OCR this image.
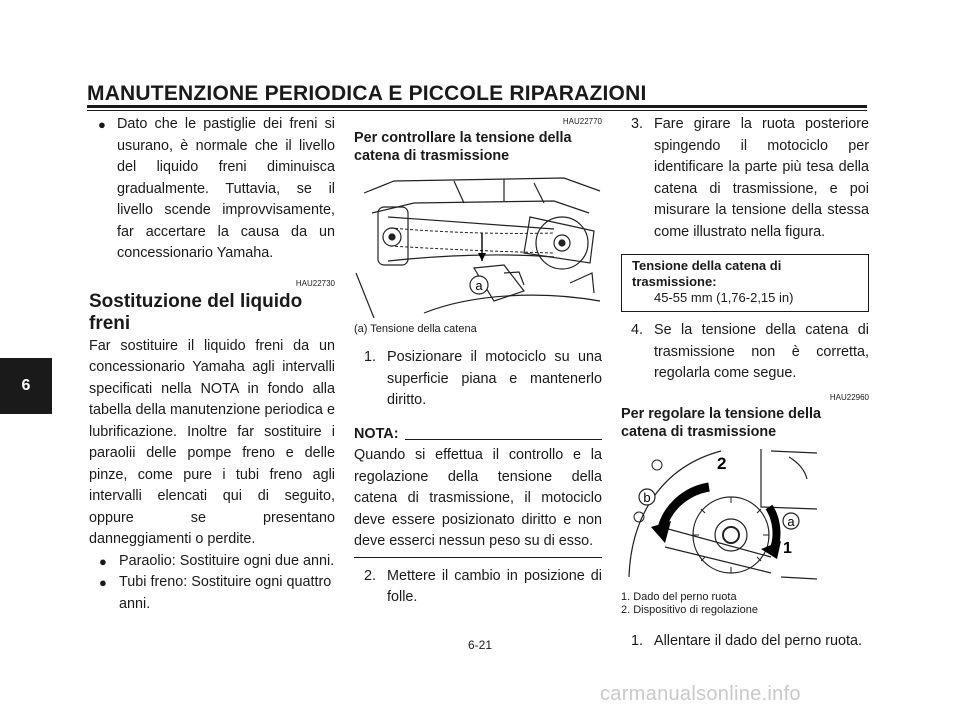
MANUTENZIONE PERIODICA E PICCOLE RIPARAZIONI
6
● Dato che le pastiglie dei freni si usurano, è normale che il livello del liquido freni diminuisca gradualmente. Tuttavia, se il livello scende improvvisamente, far accertare la causa da un concessionario Yamaha.
HAU22730
Sostituzione del liquido freni
Far sostituire il liquido freni da un concessionario Yamaha agli intervalli specificati nella NOTA in fondo alla tabella della manutenzione periodica e lubrificazione. Inoltre far sostituire i paraolii delle pompe freno e delle pinze, come pure i tubi freno agli intervalli elencati qui di seguito, oppure se presentano danneggiamenti o perdite.
● Paraolio: Sostituire ogni due anni.
● Tubi freno: Sostituire ogni quattro anni.
HAU22770
Per controllare la tensione della catena di trasmissione
a
(a) Tensione della catena
1. Posizionare il motociclo su una superficie piana e mantenerlo diritto.
NOTA:
Quando si effettua il controllo e la regolazione della tensione della catena di trasmissione, il motociclo deve essere posizionato diritto e non deve esserci nessun peso su di esso.
2. Mettere il cambio in posizione di folle.
3. Fare girare la ruota posteriore spingendo il motociclo per identificare la parte più tesa della catena di trasmissione, e poi misurare la tensione della stessa come illustrato nella figura.
Tensione della catena di trasmissione:
45-55 mm (1,76-2,15 in)
4. Se la tensione della catena di trasmissione non è corretta, regolarla come segue.
HAU22960
Per regolare la tensione della catena di trasmissione
b
a
2
1
1. Dado del perno ruota
2. Dispositivo di regolazione
1. Allentare il dado del perno ruota.
6-21
carmanualsonline.info
